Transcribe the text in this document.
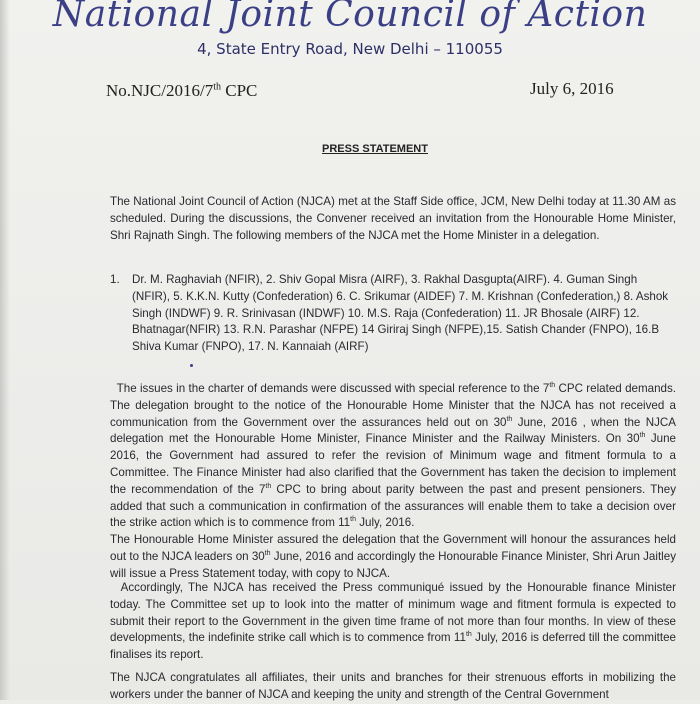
National Joint Council of Action
4, State Entry Road, New Delhi – 110055
No.NJC/2016/7th CPC	July 6, 2016
PRESS STATEMENT

The National Joint Council of Action (NJCA) met at the Staff Side office, JCM, New Delhi today at 11.30 AM as scheduled. During the discussions, the Convener received an invitation from the Honourable Home Minister, Shri Rajnath Singh. The following members of the NJCA met the Home Minister in a delegation.

1.	Dr. M. Raghaviah (NFIR), 2. Shiv Gopal Misra (AIRF), 3. Rakhal Dasgupta(AIRF). 4. Guman Singh (NFIR), 5. K.K.N. Kutty (Confederation) 6. C. Srikumar (AIDEF) 7. M. Krishnan (Confederation,) 8. Ashok Singh (INDWF) 9. R. Srinivasan (INDWF) 10. M.S. Raja (Confederation) 11. JR Bhosale (AIRF) 12. Bhatnagar(NFIR) 13. R.N. Parashar (NFPE) 14 Giriraj Singh (NFPE),15. Satish Chander (FNPO), 16.B Shiva Kumar (FNPO), 17. N. Kannaiah (AIRF)

The issues in the charter of demands were discussed with special reference to the 7th CPC related demands. The delegation brought to the notice of the Honourable Home Minister that the NJCA has not received a communication from the Government over the assurances held out on 30th June, 2016 , when the NJCA delegation met the Honourable Home Minister, Finance Minister and the Railway Ministers. On 30th June 2016, the Government had assured to refer the revision of Minimum wage and fitment formula to a Committee. The Finance Minister had also clarified that the Government has taken the decision to implement the recommendation of the 7th CPC to bring about parity between the past and present pensioners. They added that such a communication in confirmation of the assurances will enable them to take a decision over the strike action which is to commence from 11th July, 2016.
The Honourable Home Minister assured the delegation that the Government will honour the assurances held out to the NJCA leaders on 30th June, 2016 and accordingly the Honourable Finance Minister, Shri Arun Jaitley will issue a Press Statement today, with copy to NJCA.

Accordingly, The NJCA has received the Press communiqué issued by the Honourable finance Minister today. The Committee set up to look into the matter of minimum wage and fitment formula is expected to submit their report to the Government in the given time frame of not more than four months. In view of these developments, the indefinite strike call which is to commence from 11th July, 2016 is deferred till the committee finalises its report.

The NJCA congratulates all affiliates, their units and branches for their strenuous efforts in mobilizing the workers under the banner of NJCA and keeping the unity and strength of the Central Government
